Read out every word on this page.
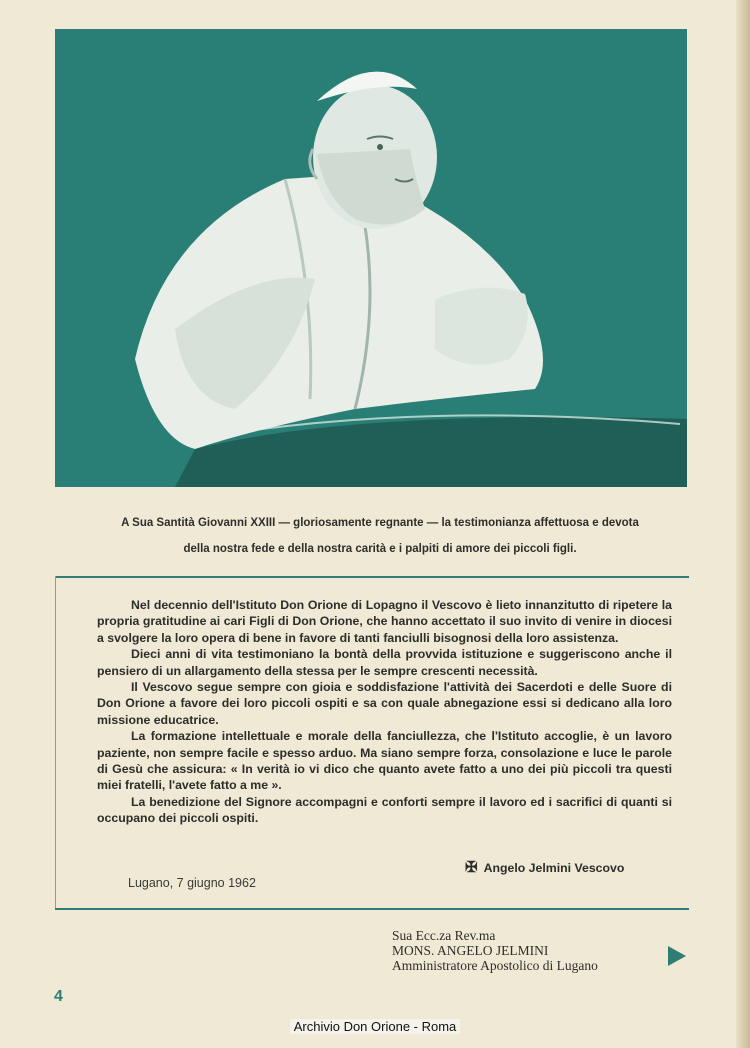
A Sua Santità Giovanni XXIII — gloriosamente regnante — la testimonianza affettuosa e devota
della nostra fede e della nostra carità e i palpiti di amore dei piccoli figli.

Nel decennio dell'Istituto Don Orione di Lopagno il Vescovo è lieto innanzitutto di ripetere la propria gratitudine ai cari Figli di Don Orione, che hanno accettato il suo invito di venire in diocesi a svolgere la loro opera di bene in favore di tanti fanciulli bisognosi della loro assistenza.

Dieci anni di vita testimoniano la bontà della provvida istituzione e suggeriscono anche il pensiero di un allargamento della stessa per le sempre crescenti necessità.

Il Vescovo segue sempre con gioia e soddisfazione l'attività dei Sacerdoti e delle Suore di Don Orione a favore dei loro piccoli ospiti e sa con quale abnegazione essi si dedicano alla loro missione educatrice.

La formazione intellettuale e morale della fanciullezza, che l'Istituto accoglie, è un lavoro paziente, non sempre facile e spesso arduo. Ma siano sempre forza, consolazione e luce le parole di Gesù che assicura: « In verità io vi dico che quanto avete fatto a uno dei più piccoli tra questi miei fratelli, l'avete fatto a me ».

La benedizione del Signore accompagni e conforti sempre il lavoro ed i sacrifici di quanti si occupano dei piccoli ospiti.

✠ Angelo Jelmini Vescovo
Lugano, 7 giugno 1962
Sua Ecc.za Rev.ma
MONS. ANGELO JELMINI
Amministratore Apostolico di Lugano
4
Archivio Don Orione - Roma
